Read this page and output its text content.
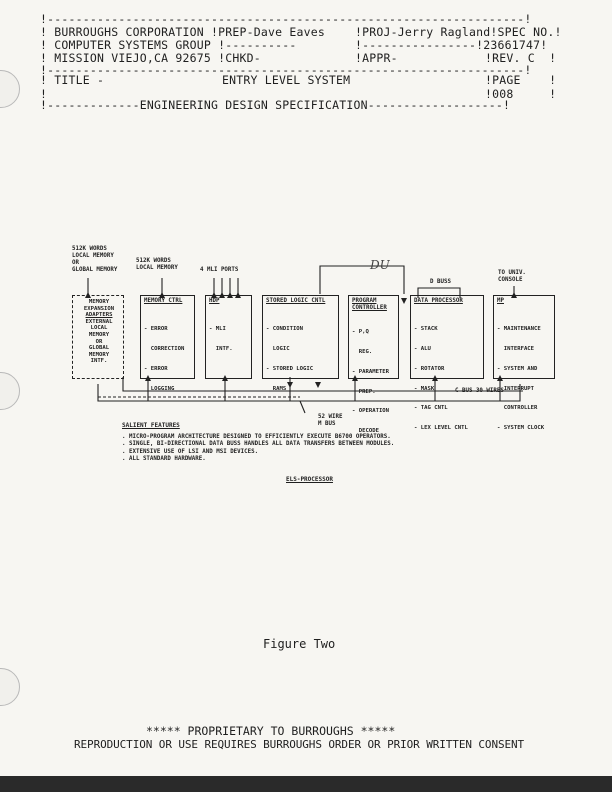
!-------------------------------------------------------------------!
! BURROUGHS CORPORATION !PREP-Dave Eaves	!PROJ-Jerry Ragland!SPEC NO.!
! COMPUTER SYSTEMS GROUP !----------	!----------------!23661747!
! MISSION VIEJO,CA 92675 !CHKD-	!APPR-	!REV. C  !
!-------------------------------------------------------------------!
! TITLE -	ENTRY LEVEL SYSTEM	!PAGE    !
!	!008     !
!-------------ENGINEERING DESIGN SPECIFICATION-------------------!
512K WORDS
LOCAL MEMORY
OR
GLOBAL MEMORY
512K WORDS
LOCAL MEMORY	4 MLI PORTS
D BUSS
TO UNIV.
CONSOLE
C BUS 30 WIRES
52 WIRE
M BUS
DU
MEMORY
EXPANSION
ADAPTERS
EXTERNAL
LOCAL
MEMORY
OR
GLOBAL
MEMORY
INTF.
MEMORY CTRL

- ERROR

CORRECTION

- ERROR

LOGGING

HDP

- MLI

INTF.

STORED LOGIC CNTL

- CONDITION

LOGIC

- STORED LOGIC

RAMS

PROGRAM
CONTROLLER

- P,Q

REG.

- PARAMETER

PREP.

- OPERATION

DECODE

DATA PROCESSOR

- STACK

- ALU

- ROTATOR

- MASK

- TAG CNTL

- LEX LEVEL CNTL

MP

- MAINTENANCE

INTERFACE

- SYSTEM AND

INTERRUPT

CONTROLLER

- SYSTEM CLOCK

SALIENT FEATURES
. MICRO-PROGRAM ARCHITECTURE DESIGNED TO EFFICIENTLY EXECUTE B6700 OPERATORS.
. SINGLE, BI-DIRECTIONAL DATA BUSS HANDLES ALL DATA TRANSFERS BETWEEN MODULES.
. EXTENSIVE USE OF LSI AND MSI DEVICES.
. ALL STANDARD HARDWARE.
ELS-PROCESSOR
Figure Two
***** PROPRIETARY TO BURROUGHS *****
REPRODUCTION OR USE REQUIRES BURROUGHS ORDER OR PRIOR WRITTEN CONSENT
